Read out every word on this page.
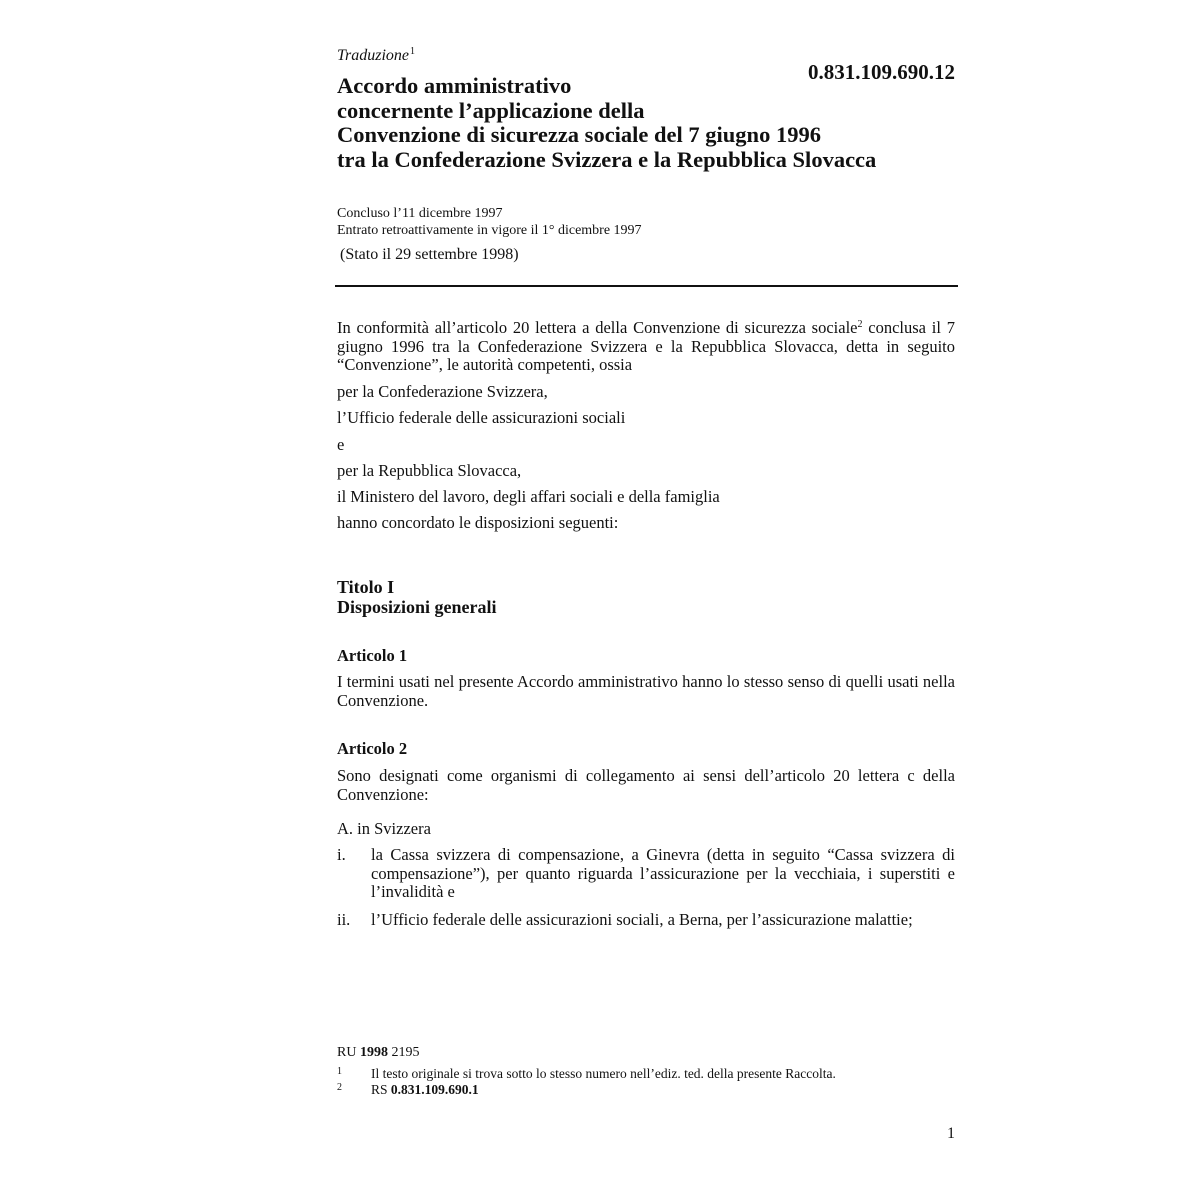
Traduzione$^1$
0.831.109.690.12
Accordo amministrativo
concernente l’applicazione della
Convenzione di sicurezza sociale del 7 giugno 1996
tra la Confederazione Svizzera e la Repubblica Slovacca
Concluso l’11 dicembre 1997
Entrato retroattivamente in vigore il 1° dicembre 1997
(Stato il 29 settembre 1998)

In conformità all’articolo 20 lettera a della Convenzione di sicurezza sociale$^2$ conclusa il 7 giugno 1996 tra la Confederazione Svizzera e la Repubblica Slovacca, detta in seguito “Convenzione”, le autorità competenti, ossia

per la Confederazione Svizzera,
l’Ufficio federale delle assicurazioni sociali
e
per la Repubblica Slovacca,
il Ministero del lavoro, degli affari sociali e della famiglia
hanno concordato le disposizioni seguenti:
Titolo I
Disposizioni generali
Articolo 1

I termini usati nel presente Accordo amministrativo hanno lo stesso senso di quelli usati nella Convenzione.

Articolo 2

Sono designati come organismi di collegamento ai sensi dell’articolo 20 lettera c della Convenzione:

A. in Svizzera
i. la Cassa svizzera di compensazione, a Ginevra (detta in seguito “Cassa svizzera di compensazione”), per quanto riguarda l’assicurazione per la vecchiaia, i superstiti e l’invalidità e
ii. l’Ufficio federale delle assicurazioni sociali, a Berna, per l’assicurazione malattie;
RU 1998 2195
1 Il testo originale si trova sotto lo stesso numero nell’ediz. ted. della presente Raccolta.
2 RS 0.831.109.690.1
1
